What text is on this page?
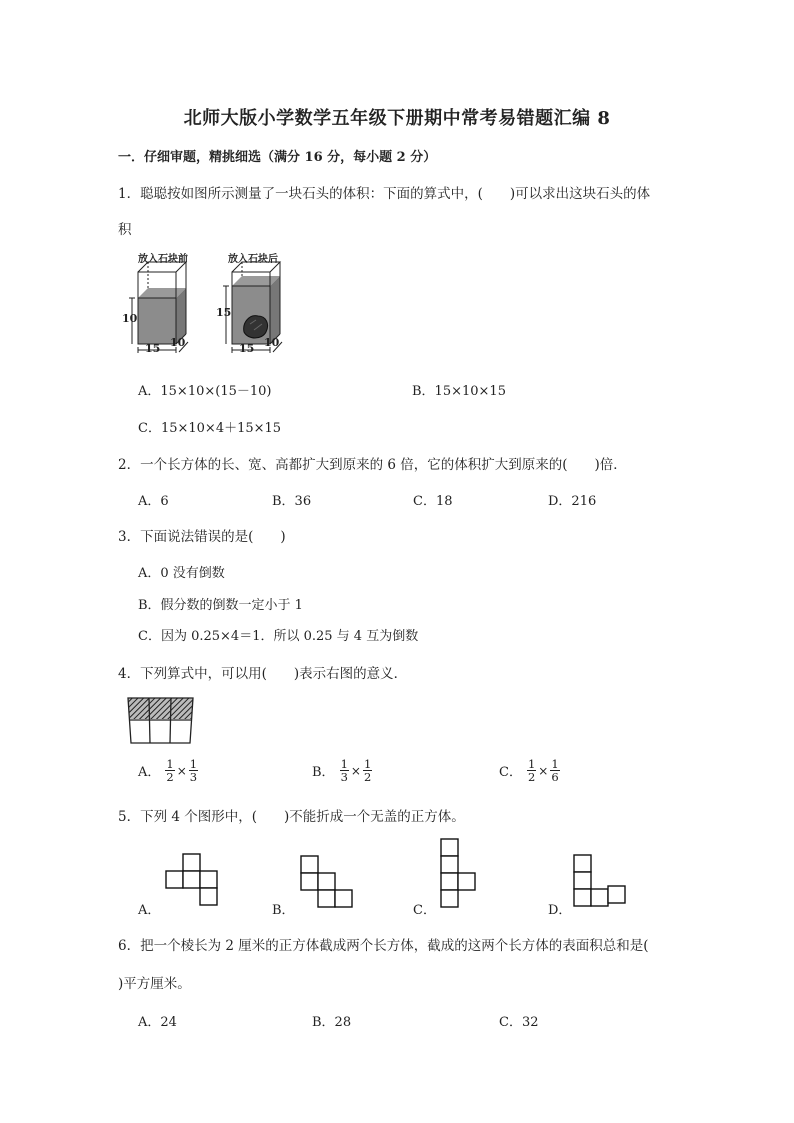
北师大版小学数学五年级下册期中常考易错题汇编 8
一．仔细审题，精挑细选（满分 16 分，每小题 2 分）
1．聪聪按如图所示测量了一块石头的体积：下面的算式中，(　　)可以求出这块石头的体
积
放入石块前
10
15 10
放入石块后
15
15 10
A．15×10×(15－10)	B．15×10×15
C．15×10×4＋15×15
2．一个长方体的长、宽、高都扩大到原来的 6 倍，它的体积扩大到原来的(　　)倍．
A．6	B．36	C．18	D．216
3．下面说法错误的是(　　)
A．0 没有倒数
B．假分数的倒数一定小于 1
C．因为 0.25×4＝1．所以 0.25 与 4 互为倒数
4．下列算式中，可以用(　　)表示右图的意义．
A． $\frac{1}{2} \times \frac{1}{3}$	B． $\frac{1}{3} \times \frac{1}{2}$	C． $\frac{1}{2} \times \frac{1}{6}$
5．下列 4 个图形中，(　　)不能折成一个无盖的正方体。
A．	B．	C．	D．
6．把一个棱长为 2 厘米的正方体截成两个长方体，截成的这两个长方体的表面积总和是(
)平方厘米。
A．24	B．28	C．32
